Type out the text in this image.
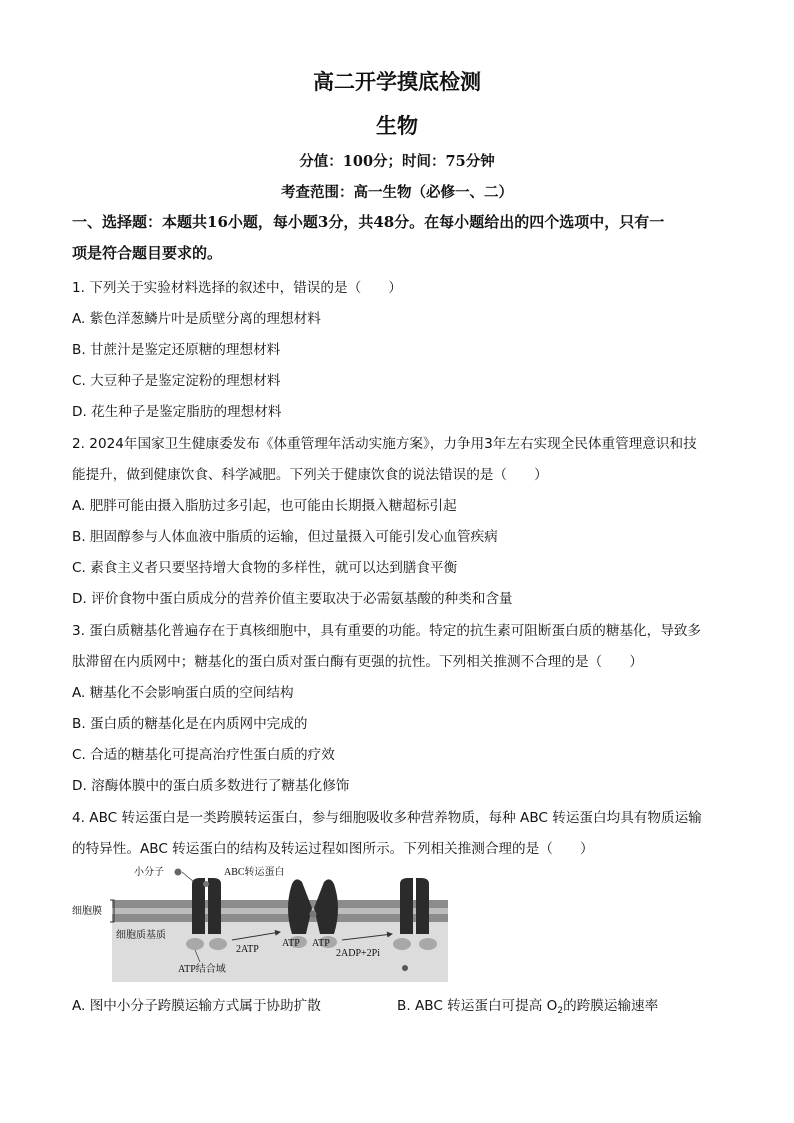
高二开学摸底检测
生物
分值：100分；时间：75分钟
考查范围：高一生物（必修一、二）
一、选择题：本题共16小题，每小题3分，共48分。在每小题给出的四个选项中，只有一
项是符合题目要求的。
1. 下列关于实验材料选择的叙述中，错误的是（　　）
A. 紫色洋葱鳞片叶是质壁分离的理想材料
B. 甘蔗汁是鉴定还原糖的理想材料
C. 大豆种子是鉴定淀粉的理想材料
D. 花生种子是鉴定脂肪的理想材料
2. 2024年国家卫生健康委发布《体重管理年活动实施方案》，力争用3年左右实现全民体重管理意识和技
能提升，做到健康饮食、科学减肥。下列关于健康饮食的说法错误的是（　　）
A. 肥胖可能由摄入脂肪过多引起，也可能由长期摄入糖超标引起
B. 胆固醇参与人体血液中脂质的运输，但过量摄入可能引发心血管疾病
C. 素食主义者只要坚持增大食物的多样性，就可以达到膳食平衡
D. 评价食物中蛋白质成分的营养价值主要取决于必需氨基酸的种类和含量
3. 蛋白质糖基化普遍存在于真核细胞中，具有重要的功能。特定的抗生素可阻断蛋白质的糖基化，导致多
肽滞留在内质网中；糖基化的蛋白质对蛋白酶有更强的抗性。下列相关推测不合理的是（　　）
A. 糖基化不会影响蛋白质的空间结构
B. 蛋白质的糖基化是在内质网中完成的
C. 合适的糖基化可提高治疗性蛋白质的疗效
D. 溶酶体膜中的蛋白质多数进行了糖基化修饰
4. ABC 转运蛋白是一类跨膜转运蛋白，参与细胞吸收多种营养物质，每种 ABC 转运蛋白均具有物质运输
的特异性。ABC 转运蛋白的结构及转运过程如图所示。下列相关推测合理的是（　　）
小分子	ABC转运蛋白
细胞膜
细胞质基质
ATP结合域
2ATP
ATP ATP
2ADP+2Pi
A. 图中小分子跨膜运输方式属于协助扩散	B. ABC 转运蛋白可提高 $O_2$的跨膜运输速率
